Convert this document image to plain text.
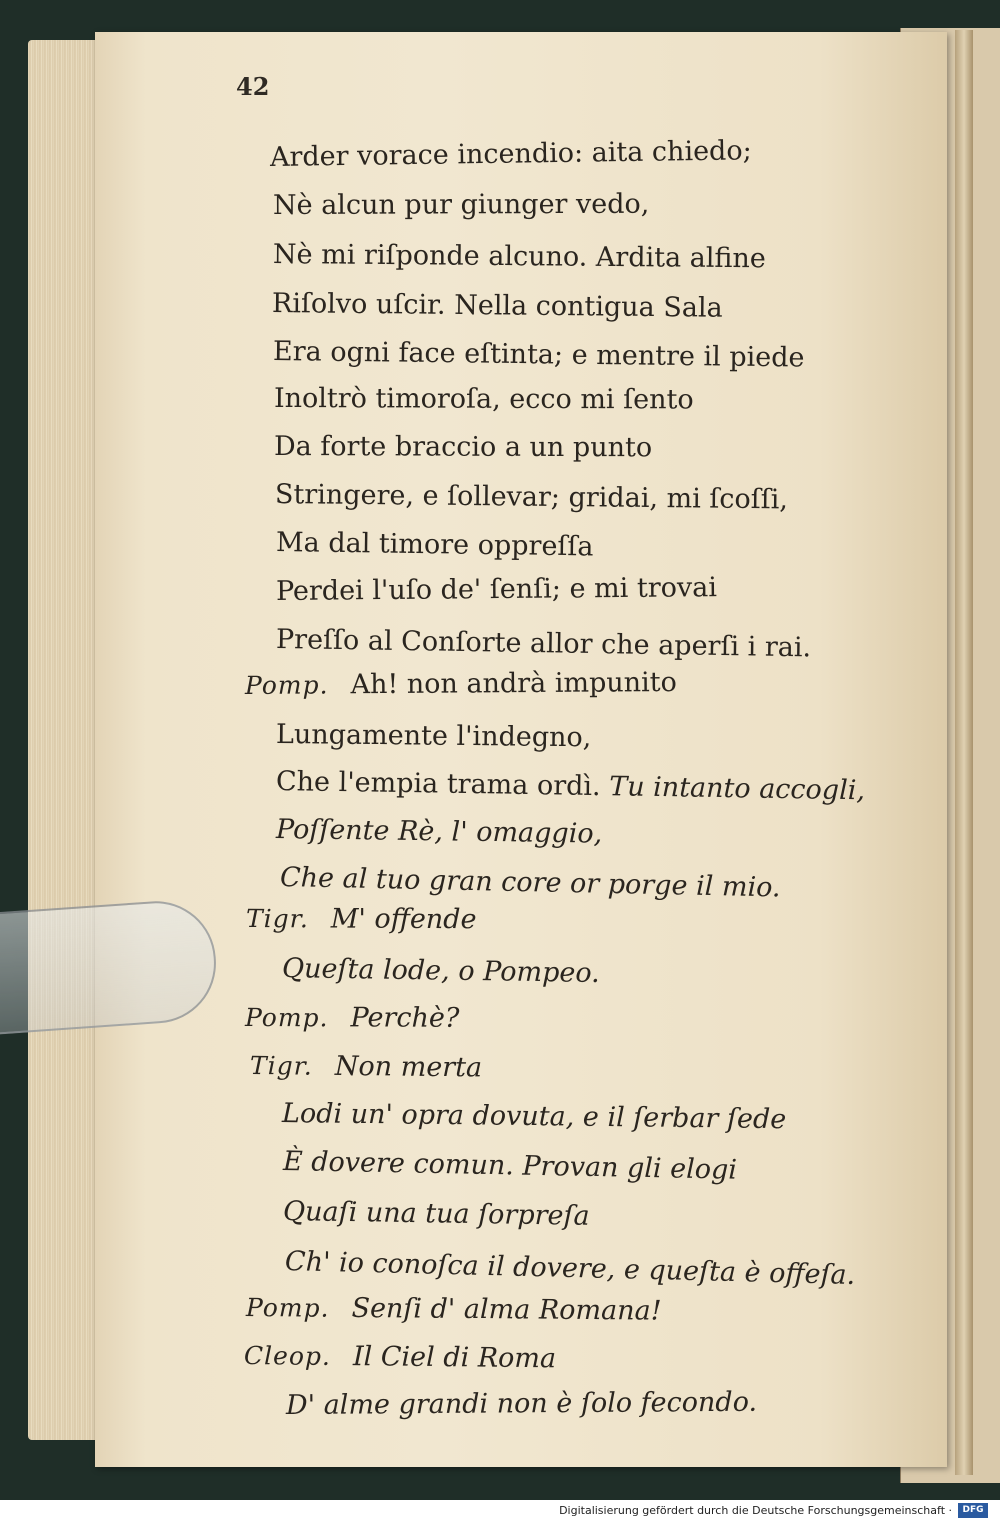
42
Arder vorace incendio: aita chiedo;
Nè alcun pur giunger vedo,
Nè mi riſponde alcuno. Ardita alfine
Riſolvo uſcir. Nella contigua Sala
Era ogni face eſtinta; e mentre il piede
Inoltrò timoroſa, ecco mi ſento
Da forte braccio a un punto
Stringere, e ſollevar; gridai, mi ſcoſſi,
Ma dal timore oppreſſa
Perdei l'uſo de' ſenſi; e mi trovai
Preſſo al Conſorte allor che aperſi i rai.
Pomp. Ah! non andrà impunito
Lungamente l'indegno,
Che l'empia trama ordì. Tu intanto accogli,
Poſſente Rè, l' omaggio,
Che al tuo gran core or porge il mio.
Tigr. M' offende
Queſta lode, o Pompeo.
Pomp. Perchè?
Tigr. Non merta
Lodi un' opra dovuta, e il ſerbar ſede
È dovere comun. Provan gli elogi
Quaſi una tua ſorpreſa
Ch' io conoſca il dovere, e queſta è offeſa.
Pomp. Senſi d' alma Romana!
Cleop. Il Ciel di Roma
D' alme grandi non è ſolo fecondo.
Digitalisierung gefördert durch die Deutsche Forschungsgemeinschaft ·	DFG
